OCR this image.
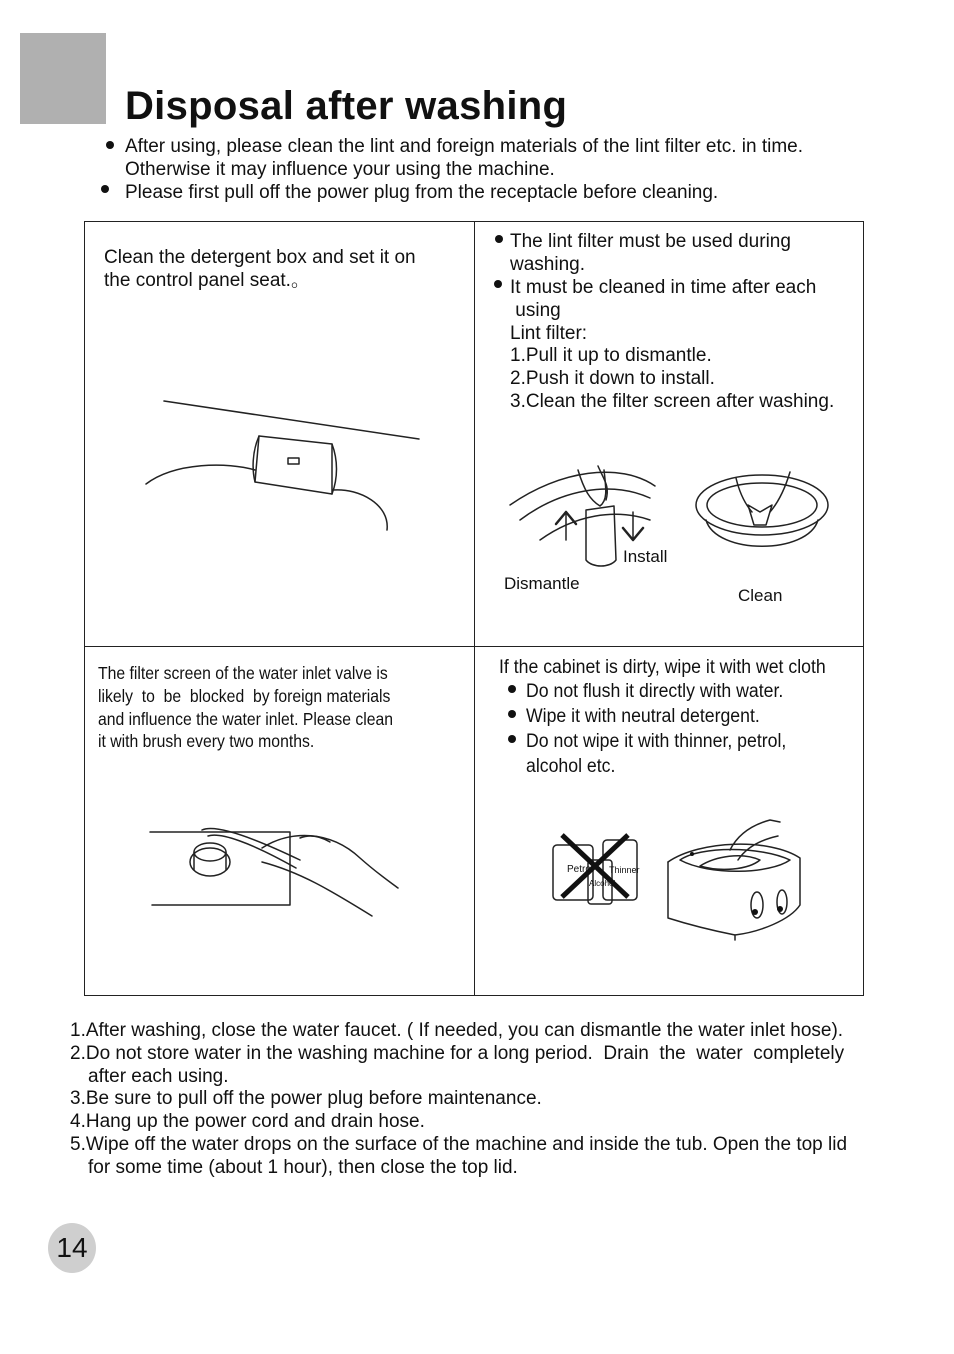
Disposal after washing
After using, please clean the lint and foreign materials of the lint filter etc. in time.
Otherwise it may influence your using the machine.
Please first pull off the power plug from the receptacle before cleaning.
Clean the detergent box and set it on
the control panel seat.。
The lint filter must be used during
washing.
It must be cleaned in time after each
using
Lint filter:
1.Pull it up to dismantle.
2.Push it down to install.
3.Clean the filter screen after washing.
Install
Dismantle
Clean
The filter screen of the water inlet valve is
likely  to  be  blocked  by foreign materials
and influence the water inlet. Please clean
it with brush every two months.
If the cabinet is dirty, wipe it with wet cloth
Do not flush it directly with water.
Wipe it with neutral detergent.
Do not wipe it with thinner, petrol,
alcohol etc.
Petrol
Alcohol
Thinner
1.After washing, close the water faucet. ( If needed, you can dismantle the water inlet hose).
2.Do not store water in the washing machine for a long period.  Drain  the  water  completely
after each using.
3.Be sure to pull off the power plug before maintenance.
4.Hang up the power cord and drain hose.
5.Wipe off the water drops on the surface of the machine and inside the tub. Open the top lid
for some time (about 1 hour), then close the top lid.
14
